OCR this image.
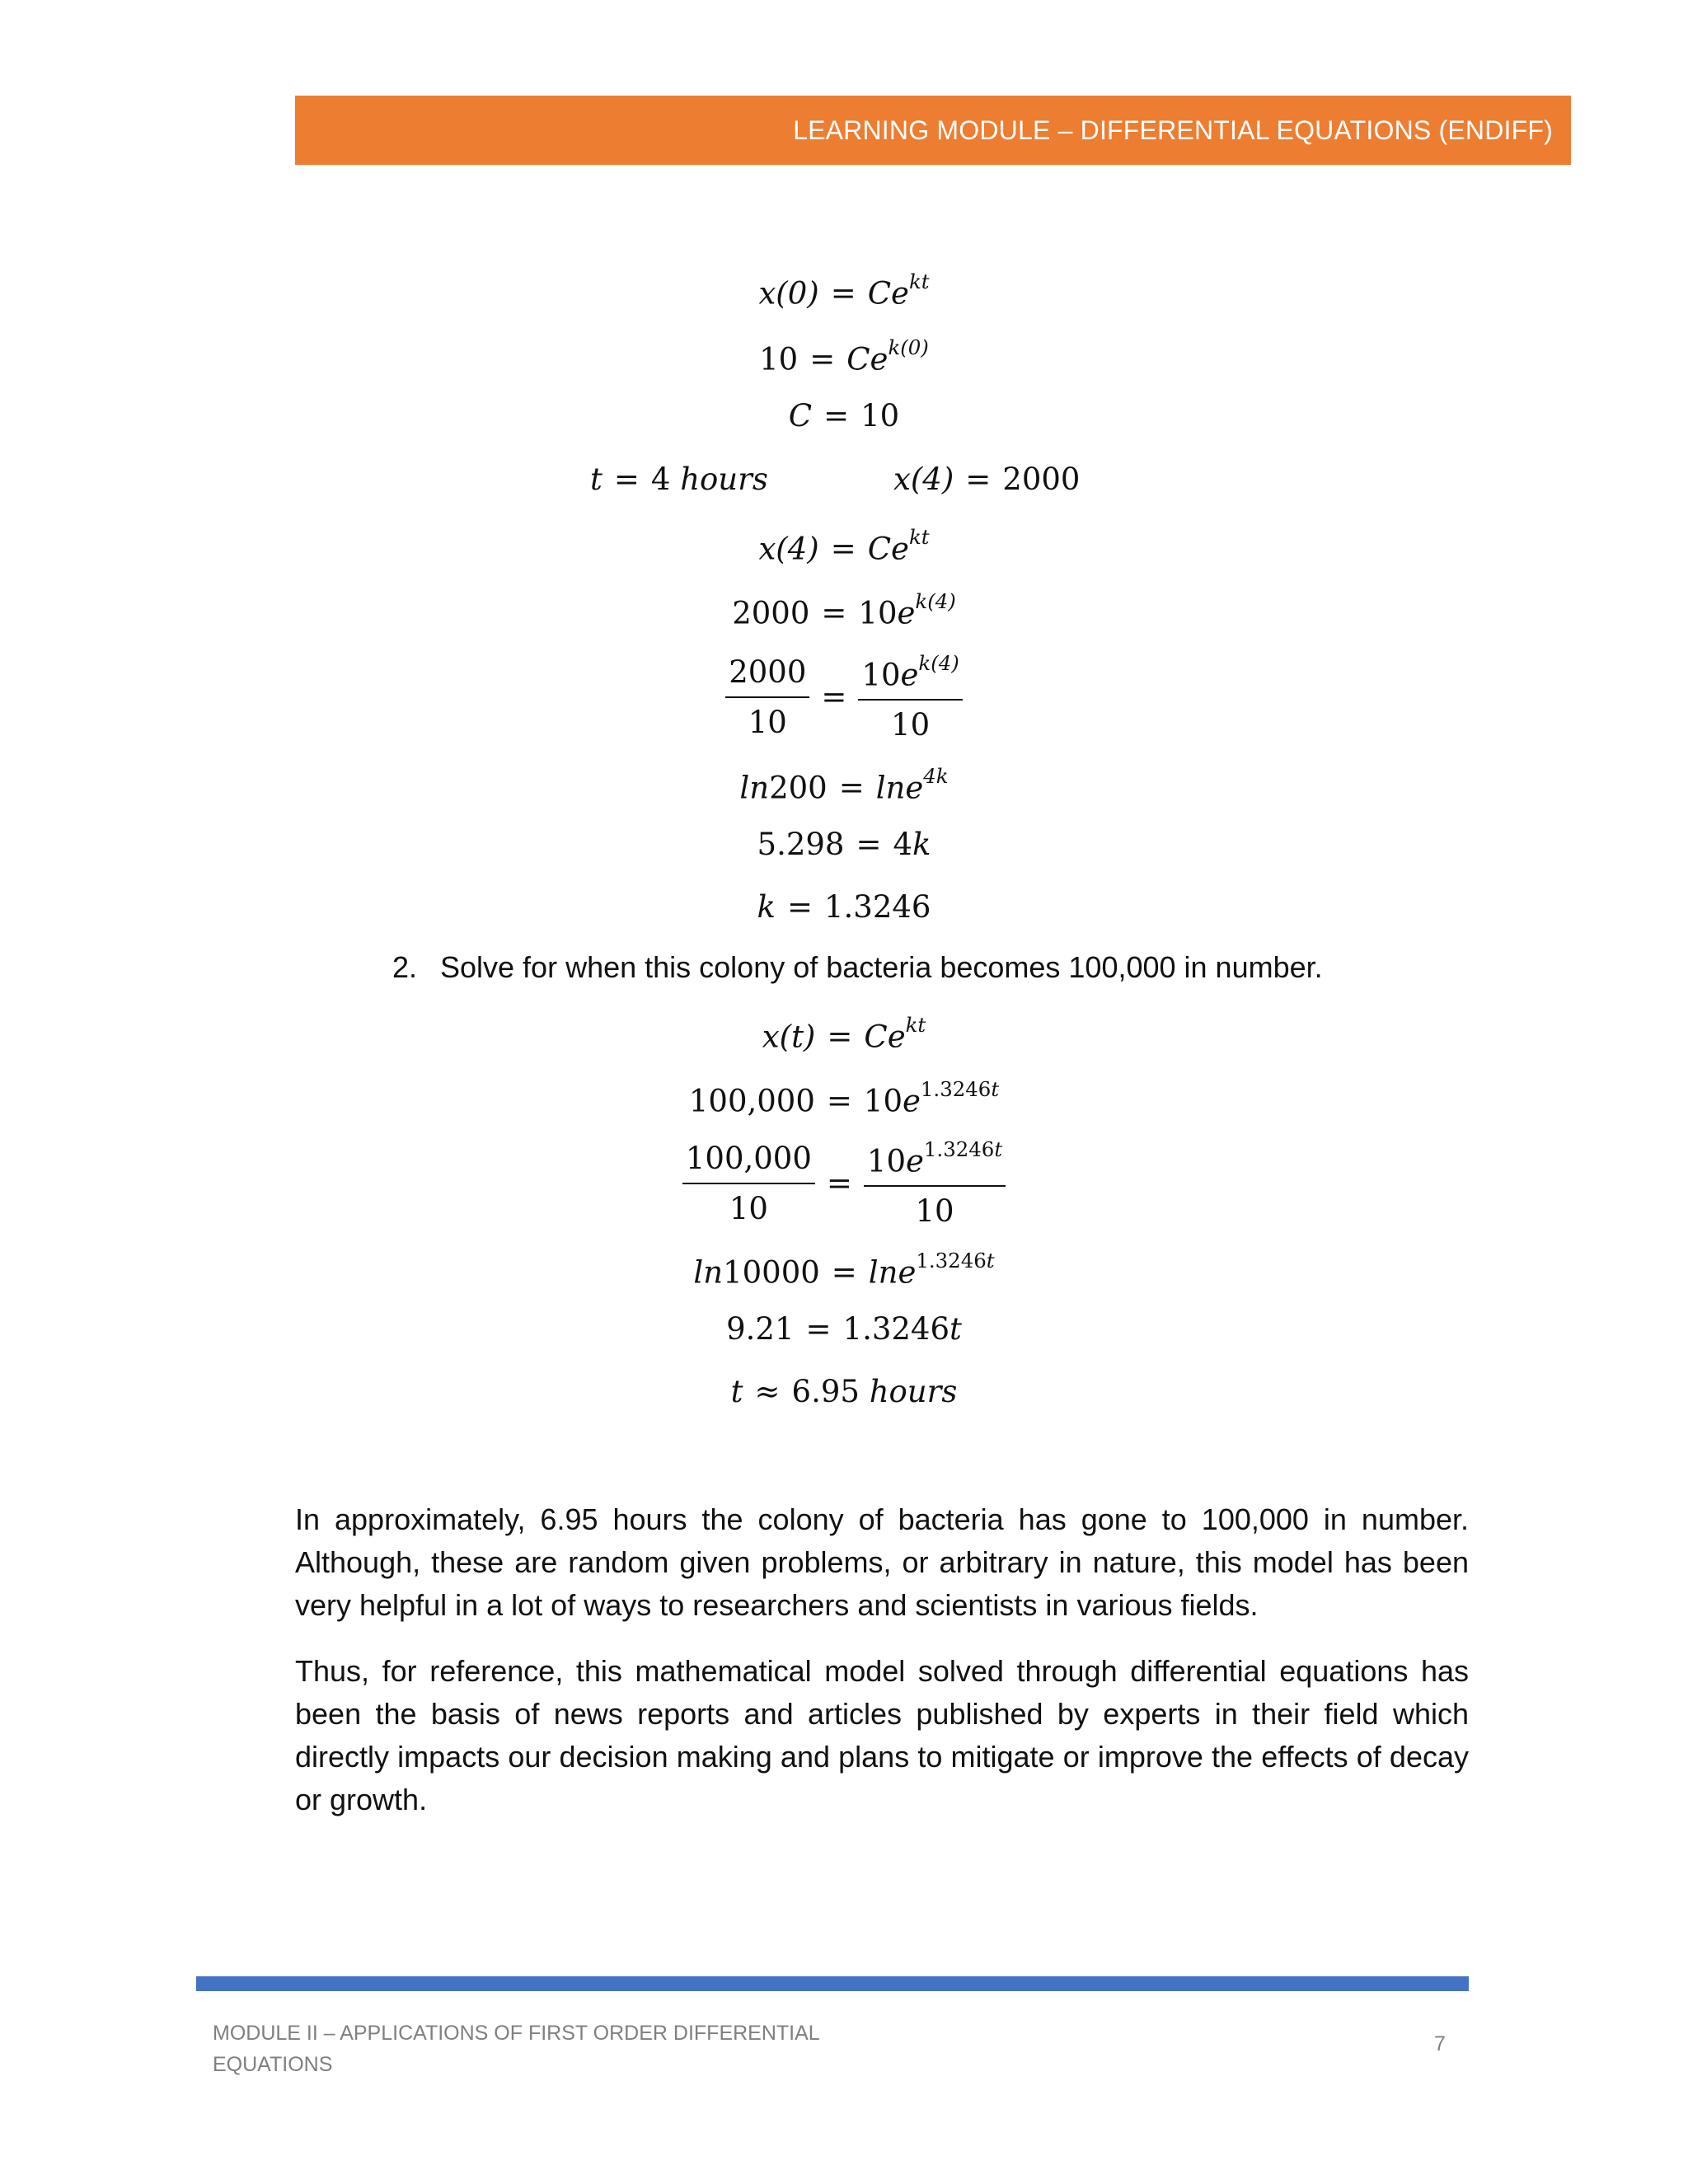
LEARNING MODULE – DIFFERENTIAL EQUATIONS (ENDIFF)
$x(0) = Ce^{kt}$
$10 = Ce^{k(0)}$
C = 10
t = 4 hours	x(4) = 2000
$x(4) = Ce^{kt}$
$2000 = 10e^{k(4)}$
$\frac{2000}{10} = \frac{10e^{k(4)}}{10}$
ln200 = lne$^{4k}$
5.298 = 4k
k = 1.3246
2. Solve for when this colony of bacteria becomes 100,000 in number.
$x(t) = Ce^{kt}$
$100,000 = 10e^{1.3246t}$
$\frac{100,000}{10} = \frac{10e^{1.3246t}}{10}$
ln10000 = lne$^{1.3246t}$
9.21 = 1.3246t
t ≈ 6.95 hours

In approximately, 6.95 hours the colony of bacteria has gone to 100,000 in number. Although, these are random given problems, or arbitrary in nature, this model has been very helpful in a lot of ways to researchers and scientists in various fields.

Thus, for reference, this mathematical model solved through differential equations has been the basis of news reports and articles published by experts in their field which directly impacts our decision making and plans to mitigate or improve the effects of decay or growth.

MODULE II – APPLICATIONS OF FIRST ORDER DIFFERENTIAL EQUATIONS
7
